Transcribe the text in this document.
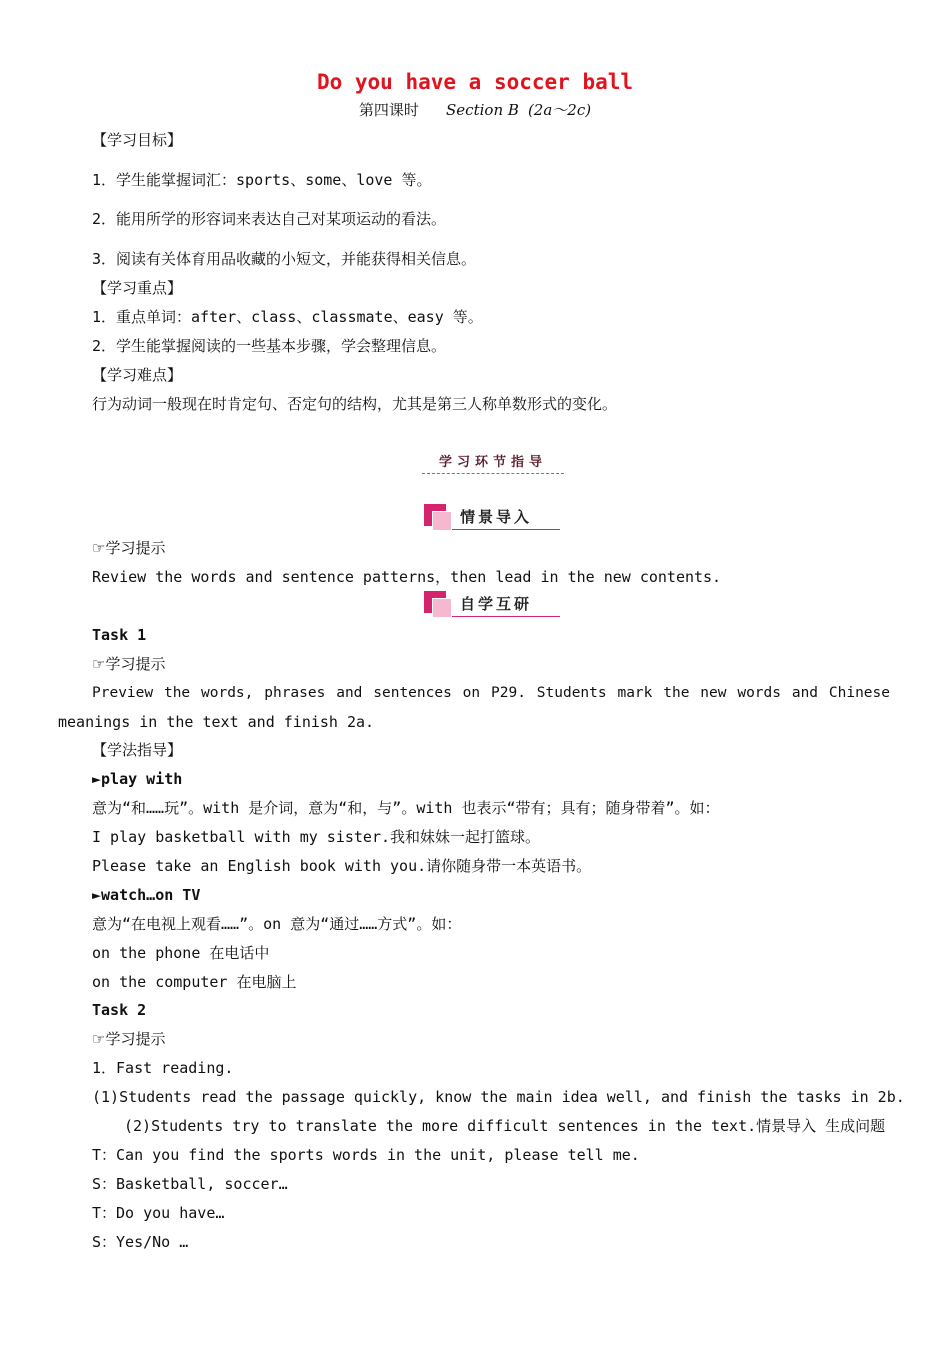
Do you have a soccer ball
第四课时 Section B (2a～2c)
【学习目标】
1．学生能掌握词汇：sports、some、love 等。
2．能用所学的形容词来表达自己对某项运动的看法。
3．阅读有关体育用品收藏的小短文，并能获得相关信息。
【学习重点】
1．重点单词：after、class、classmate、easy 等。
2．学生能掌握阅读的一些基本步骤，学会整理信息。
【学习难点】
行为动词一般现在时肯定句、否定句的结构，尤其是第三人称单数形式的变化。
学习环节指导
情景导入
☞学习提示
Review the words and sentence patterns，then lead in the new contents.
自学互研
Task 1
☞学习提示
Preview the words, phrases and sentences on P29. Students mark the new words and Chinese
meanings in the text and finish 2a.
【学法指导】
►play with
意为“和……玩”。with 是介词，意为“和，与”。with 也表示“带有；具有；随身带着”。如：
I play basketball with my sister.我和妹妹一起打篮球。
Please take an English book with you.请你随身带一本英语书。
►watch…on TV
意为“在电视上观看……”。on 意为“通过……方式”。如：
on the phone 在电话中
on the computer 在电脑上
Task 2
☞学习提示
1．Fast reading.
(1)Students read the passage quickly, know the main idea well, and finish the tasks in 2b.
(2)Students try to translate the more difficult sentences in the text.情景导入 生成问题
T：Can you find the sports words in the unit, please tell me.
S：Basketball, soccer…
T：Do you have…
S：Yes/No …
